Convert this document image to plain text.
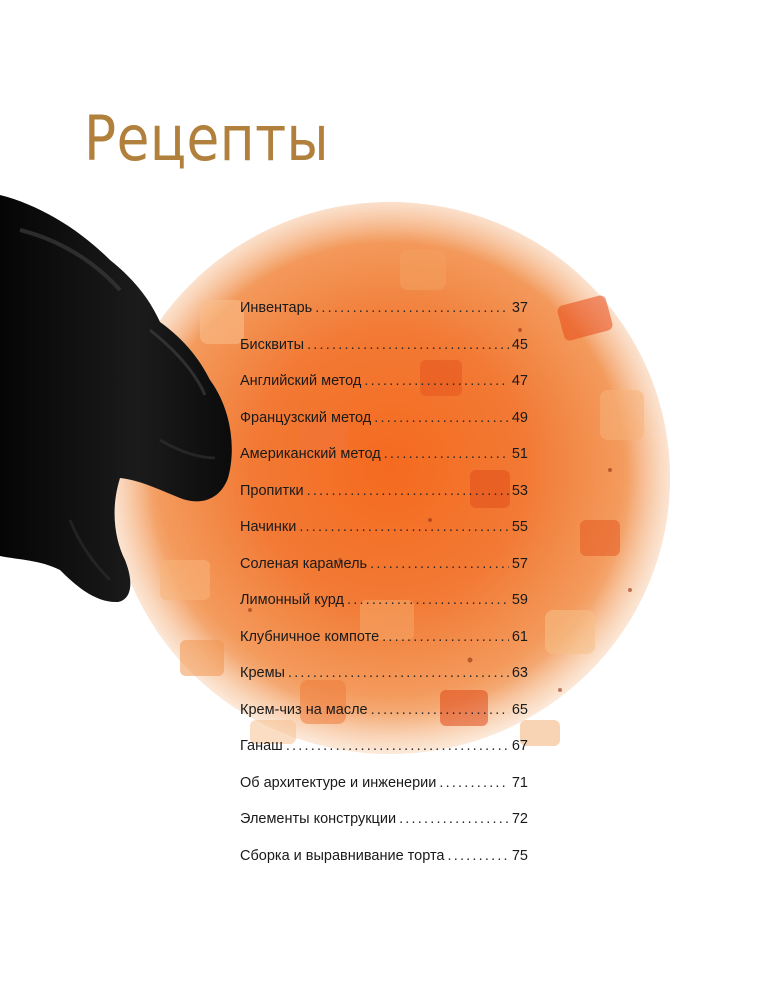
Рецепты
Инвентарь .....	37
Бисквиты .....	45
Английский метод .....	47
Французский метод .....	49
Американский метод .....	51
Пропитки .....	53
Начинки .....	55
Соленая карамель .....	57
Лимонный курд .....	59
Клубничное компоте .....	61
Кремы .....	63
Крем-чиз на масле .....	65
Ганаш .....	67
Об архитектуре и инженерии .....	71
Элементы конструкции .....	72
Сборка и выравнивание торта .....	75
